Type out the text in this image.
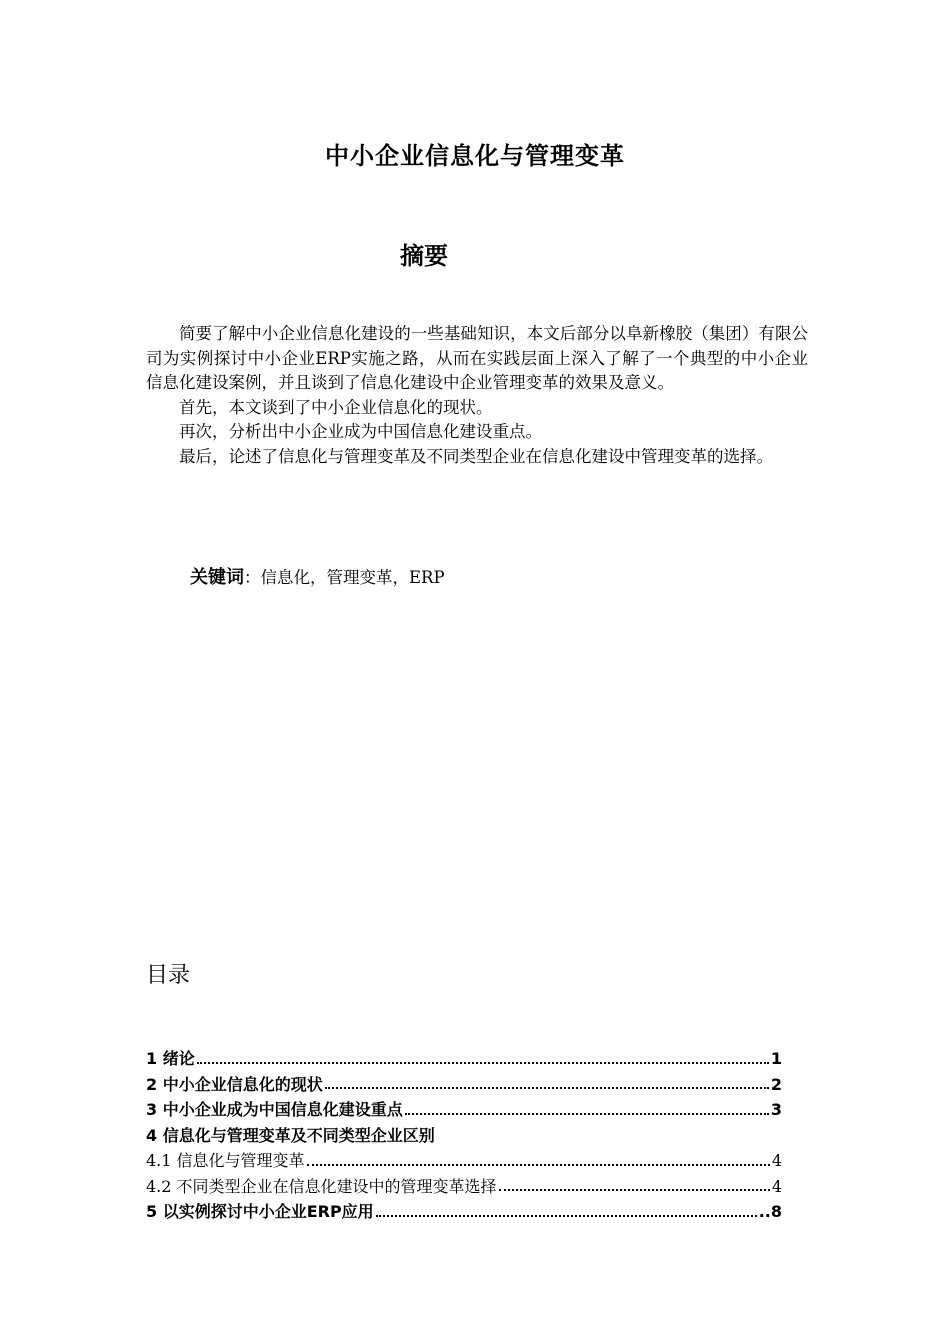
中小企业信息化与管理变革
摘要

简要了解中小企业信息化建设的一些基础知识，本文后部分以阜新橡胶（集团）有限公司为实例探讨中小企业ERP实施之路，从而在实践层面上深入了解了一个典型的中小企业信息化建设案例，并且谈到了信息化建设中企业管理变革的效果及意义。

首先，本文谈到了中小企业信息化的现状。

再次，分析出中小企业成为中国信息化建设重点。

最后，论述了信息化与管理变革及不同类型企业在信息化建设中管理变革的选择。

关键词：信息化，管理变革，ERP
目录
1 绪论	1
2 中小企业信息化的现状	2
3 中小企业成为中国信息化建设重点	3
4 信息化与管理变革及不同类型企业区别
4.1 信息化与管理变革	4
4.2 不同类型企业在信息化建设中的管理变革选择	4
5 以实例探讨中小企业ERP应用	..8
